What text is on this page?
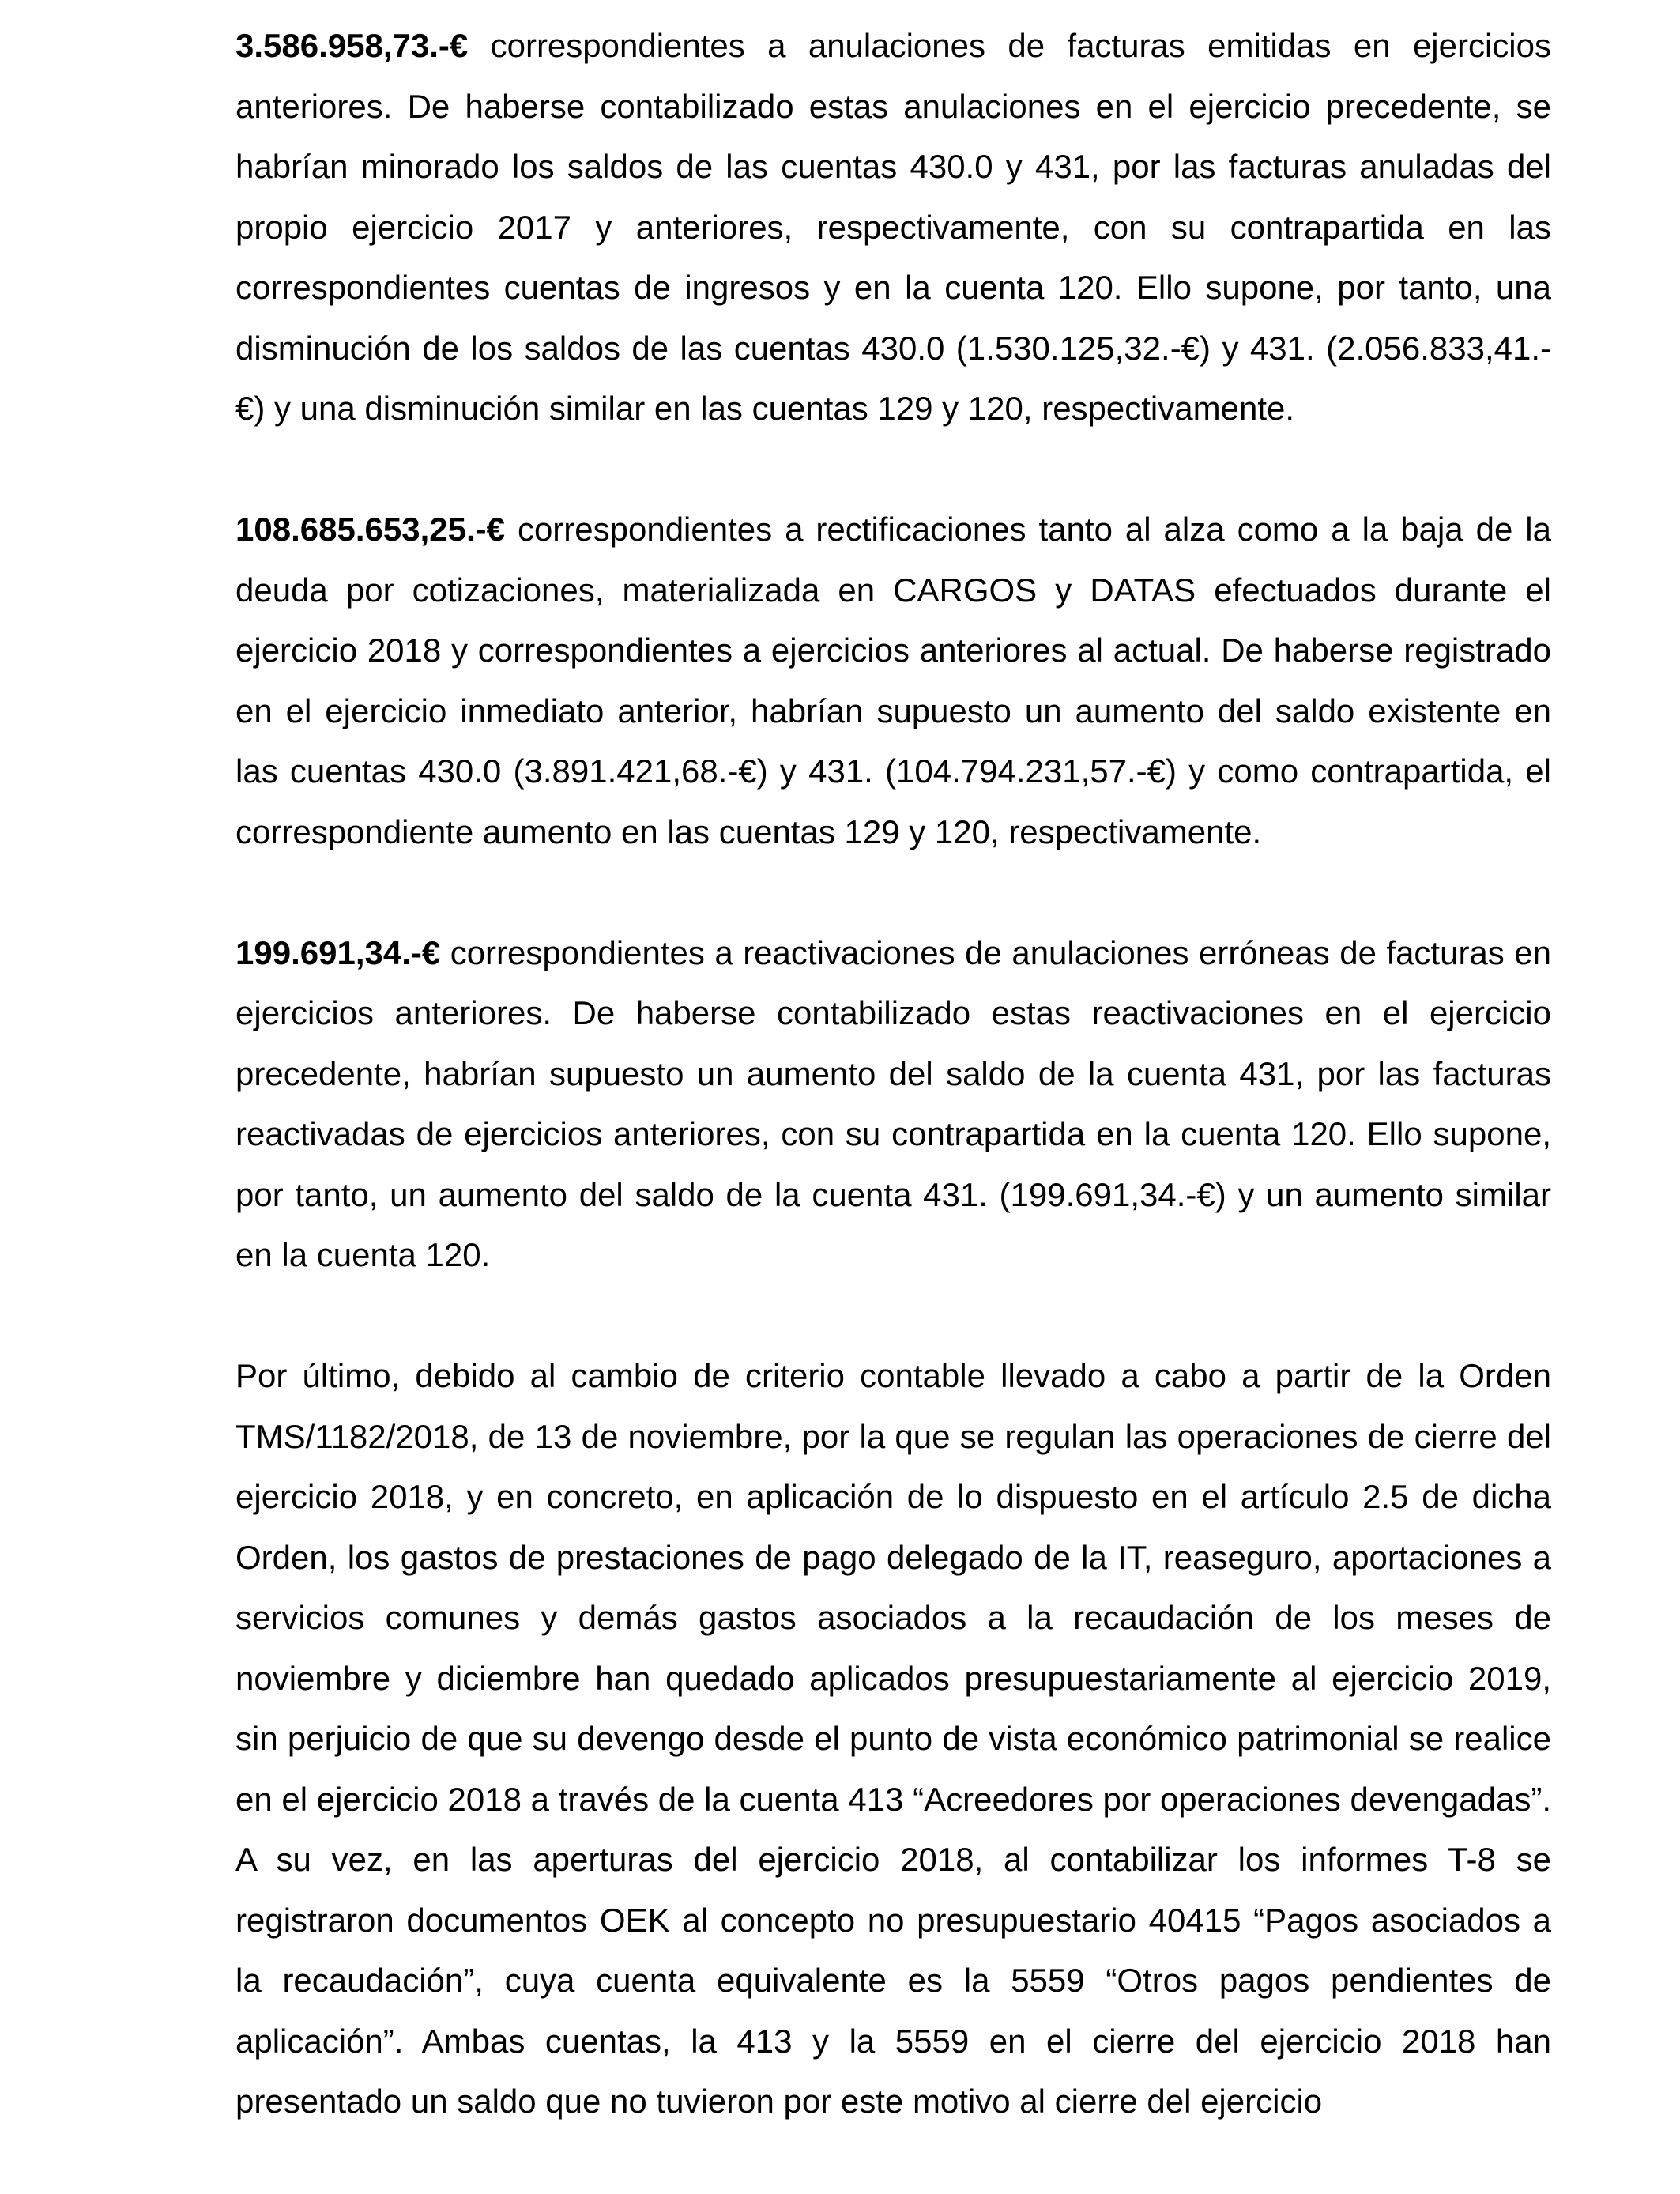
3.586.958,73.-€ correspondientes a anulaciones de facturas emitidas en ejercicios anteriores. De haberse contabilizado estas anulaciones en el ejercicio precedente, se habrían minorado los saldos de las cuentas 430.0 y 431, por las facturas anuladas del propio ejercicio 2017 y anteriores, respectivamente, con su contrapartida en las correspondientes cuentas de ingresos y en la cuenta 120. Ello supone, por tanto, una disminución de los saldos de las cuentas 430.0 (1.530.125,32.-€) y 431. (2.056.833,41.-€) y una disminución similar en las cuentas 129 y 120, respectivamente.

108.685.653,25.-€ correspondientes a rectificaciones tanto al alza como a la baja de la deuda por cotizaciones, materializada en CARGOS y DATAS efectuados durante el ejercicio 2018 y correspondientes a ejercicios anteriores al actual. De haberse registrado en el ejercicio inmediato anterior, habrían supuesto un aumento del saldo existente en las cuentas 430.0 (3.891.421,68.-€) y 431. (104.794.231,57.-€) y como contrapartida, el correspondiente aumento en las cuentas 129 y 120, respectivamente.

199.691,34.-€ correspondientes a reactivaciones de anulaciones erróneas de facturas en ejercicios anteriores. De haberse contabilizado estas reactivaciones en el ejercicio precedente, habrían supuesto un aumento del saldo de la cuenta 431, por las facturas reactivadas de ejercicios anteriores, con su contrapartida en la cuenta 120. Ello supone, por tanto, un aumento del saldo de la cuenta 431. (199.691,34.-€) y un aumento similar en la cuenta 120.

Por último, debido al cambio de criterio contable llevado a cabo a partir de la Orden TMS/1182/2018, de 13 de noviembre, por la que se regulan las operaciones de cierre del ejercicio 2018, y en concreto, en aplicación de lo dispuesto en el artículo 2.5 de dicha Orden, los gastos de prestaciones de pago delegado de la IT, reaseguro, aportaciones a servicios comunes y demás gastos asociados a la recaudación de los meses de noviembre y diciembre han quedado aplicados presupuestariamente al ejercicio 2019, sin perjuicio de que su devengo desde el punto de vista económico patrimonial se realice en el ejercicio 2018 a través de la cuenta 413 “Acreedores por operaciones devengadas”. A su vez, en las aperturas del ejercicio 2018, al contabilizar los informes T-8 se registraron documentos OEK al concepto no presupuestario 40415 “Pagos asociados a la recaudación”, cuya cuenta equivalente es la 5559 “Otros pagos pendientes de aplicación”. Ambas cuentas, la 413 y la 5559 en el cierre del ejercicio 2018 han presentado un saldo que no tuvieron por este motivo al cierre del ejercicio
